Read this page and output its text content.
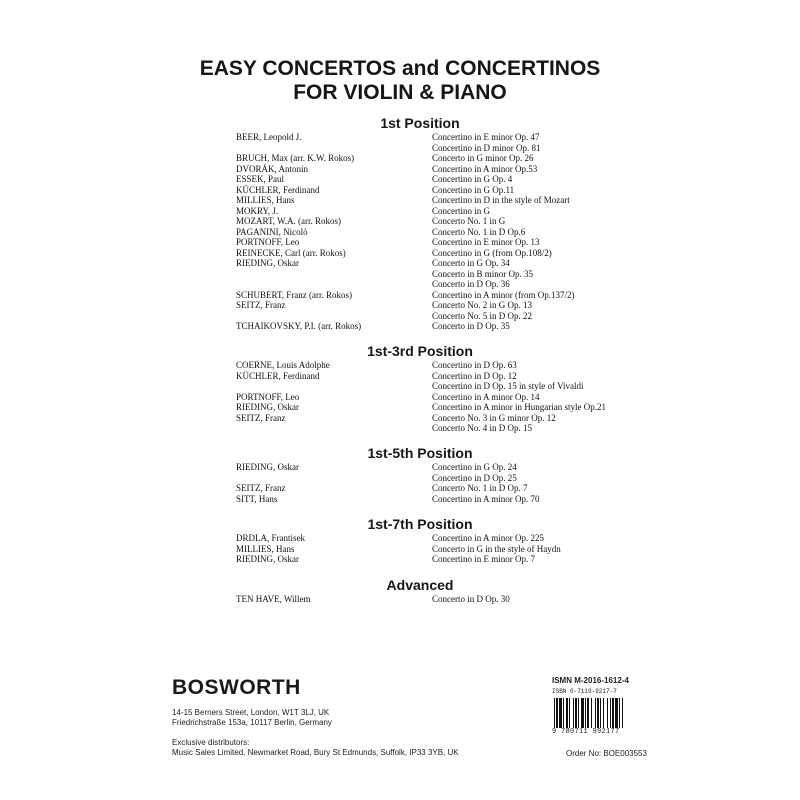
EASY CONCERTOS and CONCERTINOS
FOR VIOLIN & PIANO
1st Position
BEER, Leopold J.	Concertino in E minor Op. 47
Concertino in D minor Op. 81
BRUCH, Max (arr. K.W. Rokos)	Concerto in G minor Op. 26
DVORÁK, Antonín	Concertino in A minor Op.53
ESSEK, Paul	Concertino in G Op. 4
KÜCHLER, Ferdinand	Concertino in G Op.11
MILLIES, Hans	Concertino in D in the style of Mozart
MOKRY, J.	Concertino in G
MOZART, W.A. (arr. Rokos)	Concerto No. 1 in G
PAGANINI, Nicolò	Concerto No. 1 in D Op.6
PORTNOFF, Leo	Concertino in E minor Op. 13
REINECKE, Carl (arr. Rokos)	Concertino in G (from Op.108/2)
RIEDING, Oskar	Concerto in G Op. 34
Concerto in B minor Op. 35
Concerto in D Op. 36
SCHUBERT, Franz (arr. Rokos)	Concertino in A minor (from Op.137/2)
SEITZ, Franz	Concerto No. 2 in G Op. 13
Concerto No. 5 in D Op. 22
TCHAIKOVSKY, P.I. (arr. Rokos)	Concerto in D Op. 35
1st-3rd Position
COERNE, Louis Adolphe	Concertino in D Op. 63
KÜCHLER, Ferdinand	Concertino in D Op. 12
Concertino in D Op. 15 in style of Vivaldi
PORTNOFF, Leo	Concertino in A minor Op. 14
RIEDING, Oskar	Concertino in A minor in Hungarian style Op.21
SEITZ, Franz	Concerto No. 3 in G minor Op. 12
Concerto No. 4 in D Op. 15
1st-5th Position
RIEDING, Oskar	Concertino in G Op. 24
Concertino in D Op. 25
SEITZ, Franz	Concerto No. 1 in D Op. 7
SITT, Hans	Concertino in A minor Op. 70
1st-7th Position
DRDLA, Frantisek	Concertino in A minor Op. 225
MILLIES, Hans	Concerto in G in the style of Haydn
RIEDING, Oskar	Concertino in E minor Op. 7
Advanced
TEN HAVE, Willem	Concerto in D Op. 30
BOSWORTH
14-15 Berners Street, London, W1T 3LJ, UK
Friedrichstraße 153a, 10117 Berlin, Germany
Exclusive distributors:
Music Sales Limited, Newmarket Road, Bury St Edmunds, Suffolk, IP33 3YB, UK
ISMN M-2016-1612-4
ISBN 0-7119-9217-7
9 780711 992177
Order No: BOE003553
